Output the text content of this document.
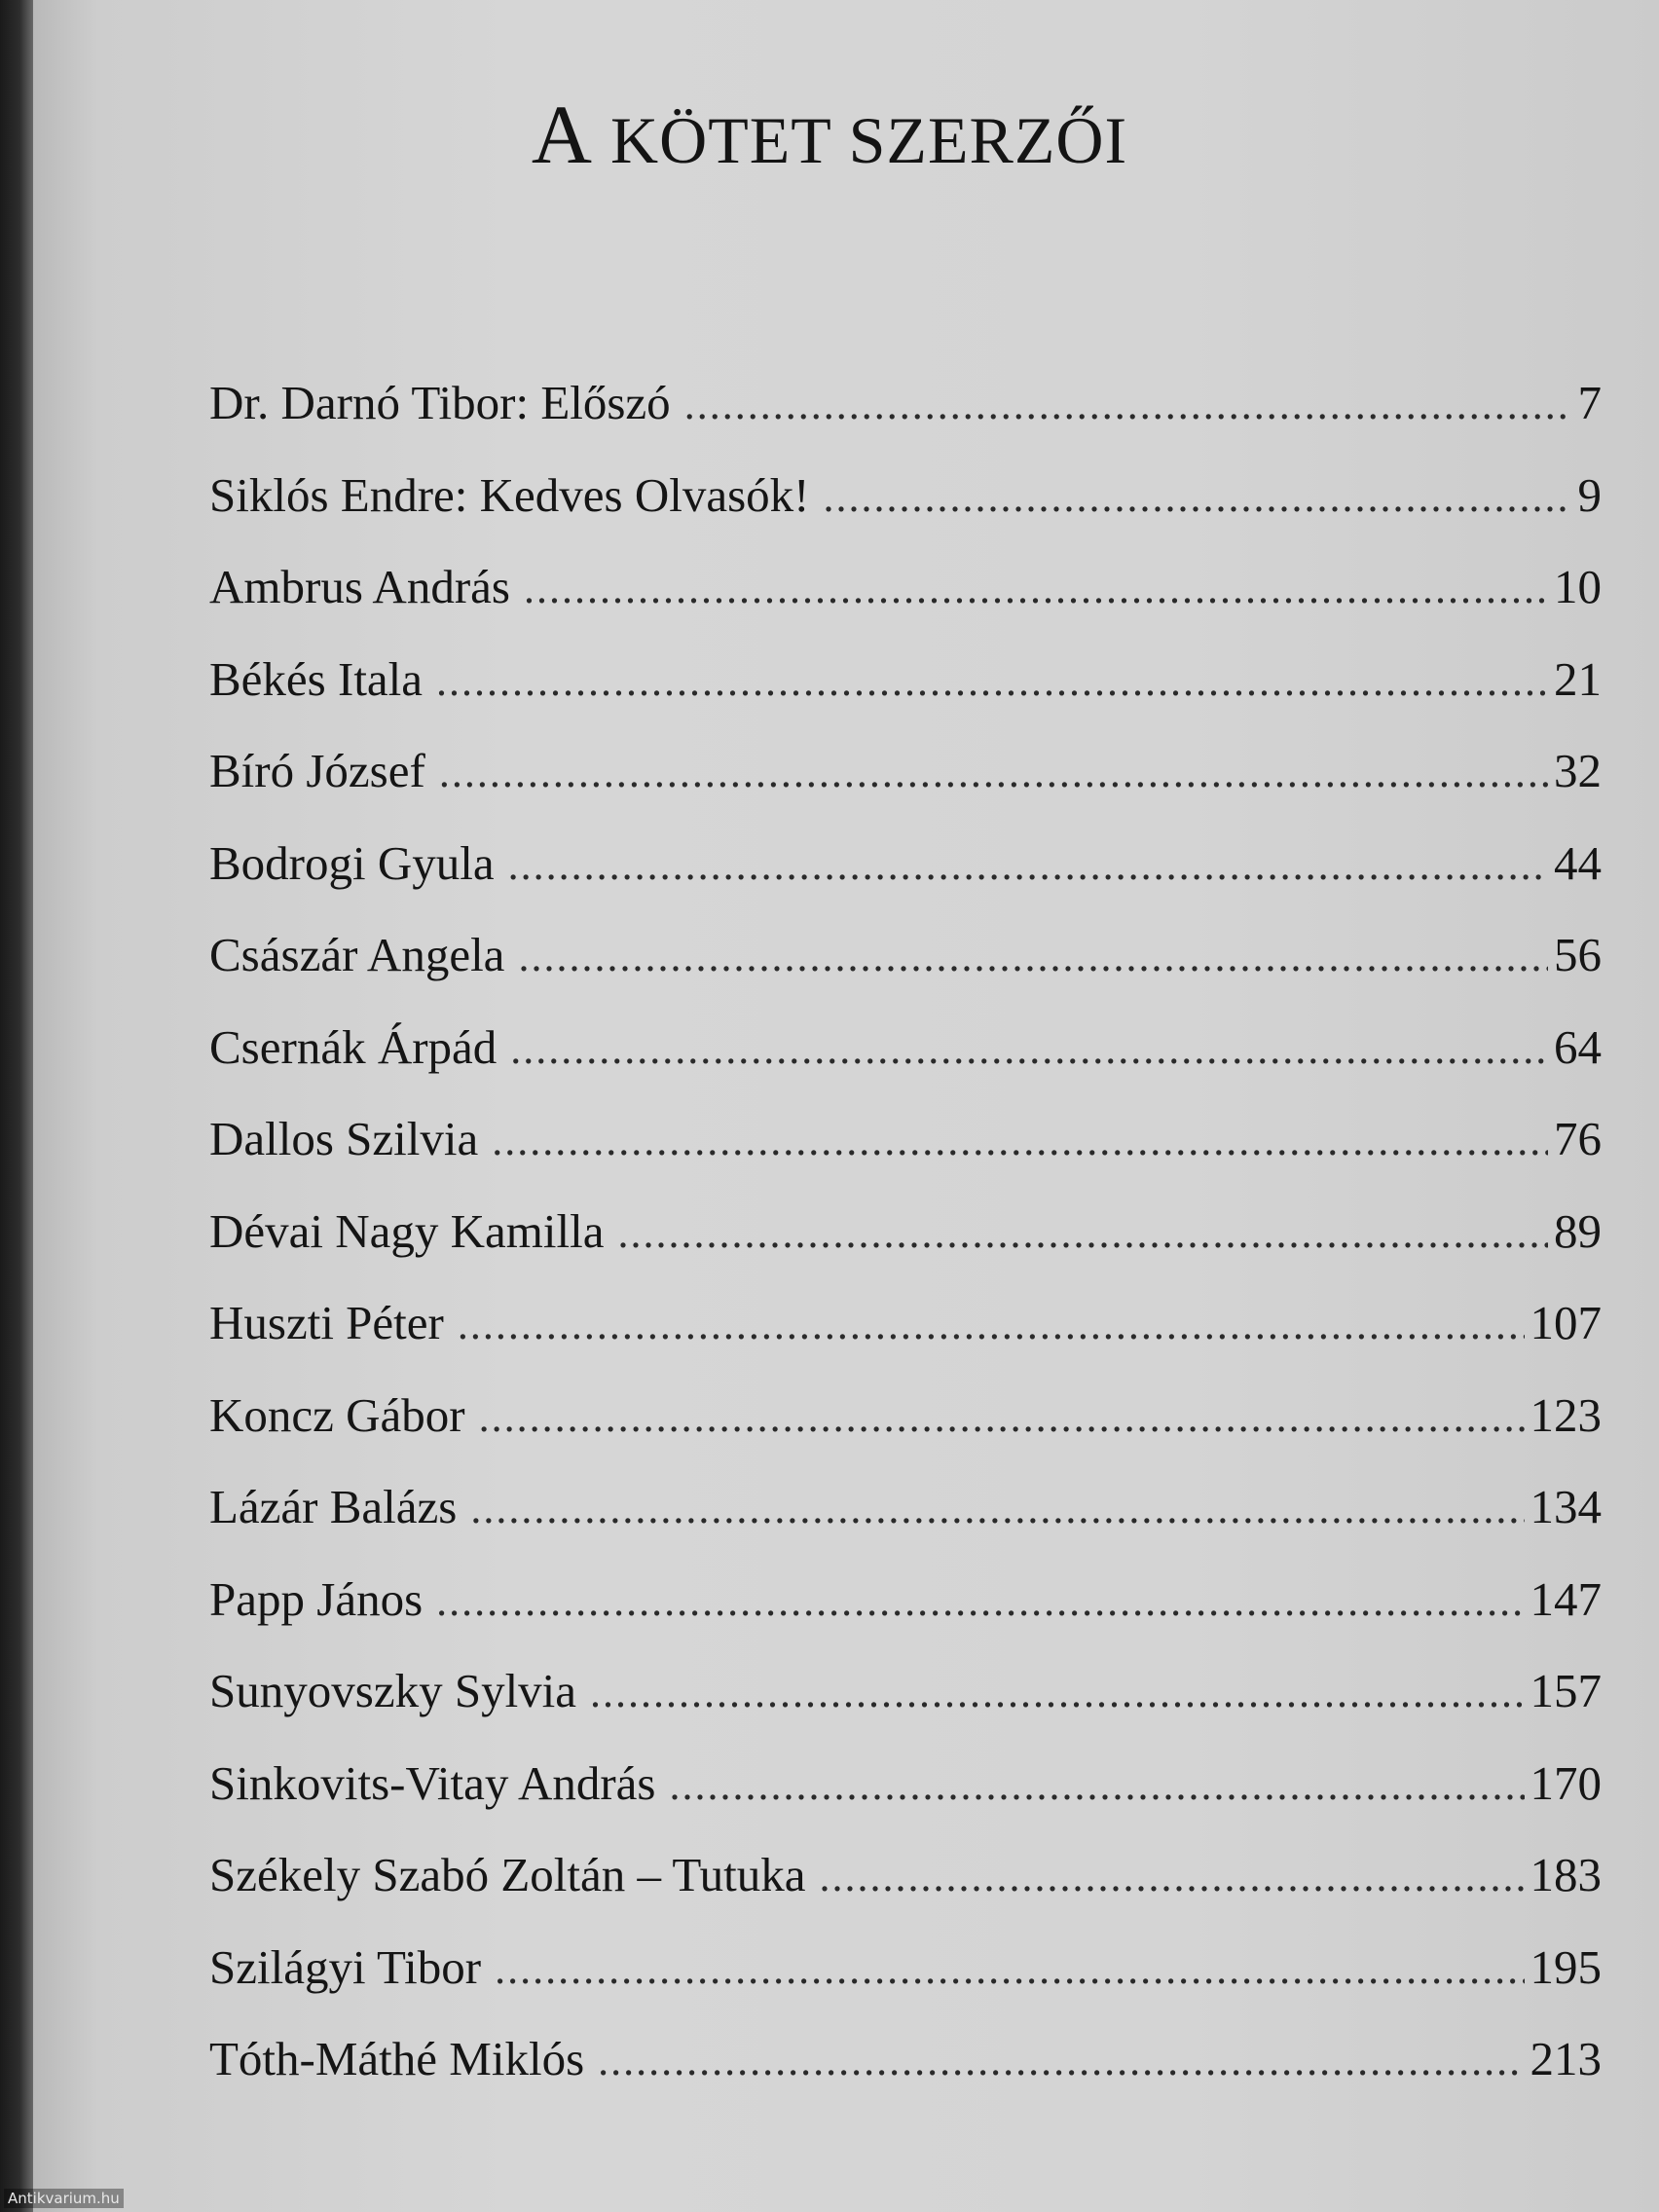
A KÖTET SZERZŐI
Dr. Darnó Tibor: Előszó .....	7
Siklós Endre: Kedves Olvasók! .....	9
Ambrus András .....	10
Békés Itala .....	21
Bíró József .....	32
Bodrogi Gyula .....	44
Császár Angela .....	56
Csernák Árpád .....	64
Dallos Szilvia .....	76
Dévai Nagy Kamilla .....	89
Huszti Péter .....	107
Koncz Gábor .....	123
Lázár Balázs .....	134
Papp János .....	147
Sunyovszky Sylvia .....	157
Sinkovits-Vitay András .....	170
Székely Szabó Zoltán – Tutuka .....	183
Szilágyi Tibor .....	195
Tóth-Máthé Miklós .....	213
Antikvarium.hu
